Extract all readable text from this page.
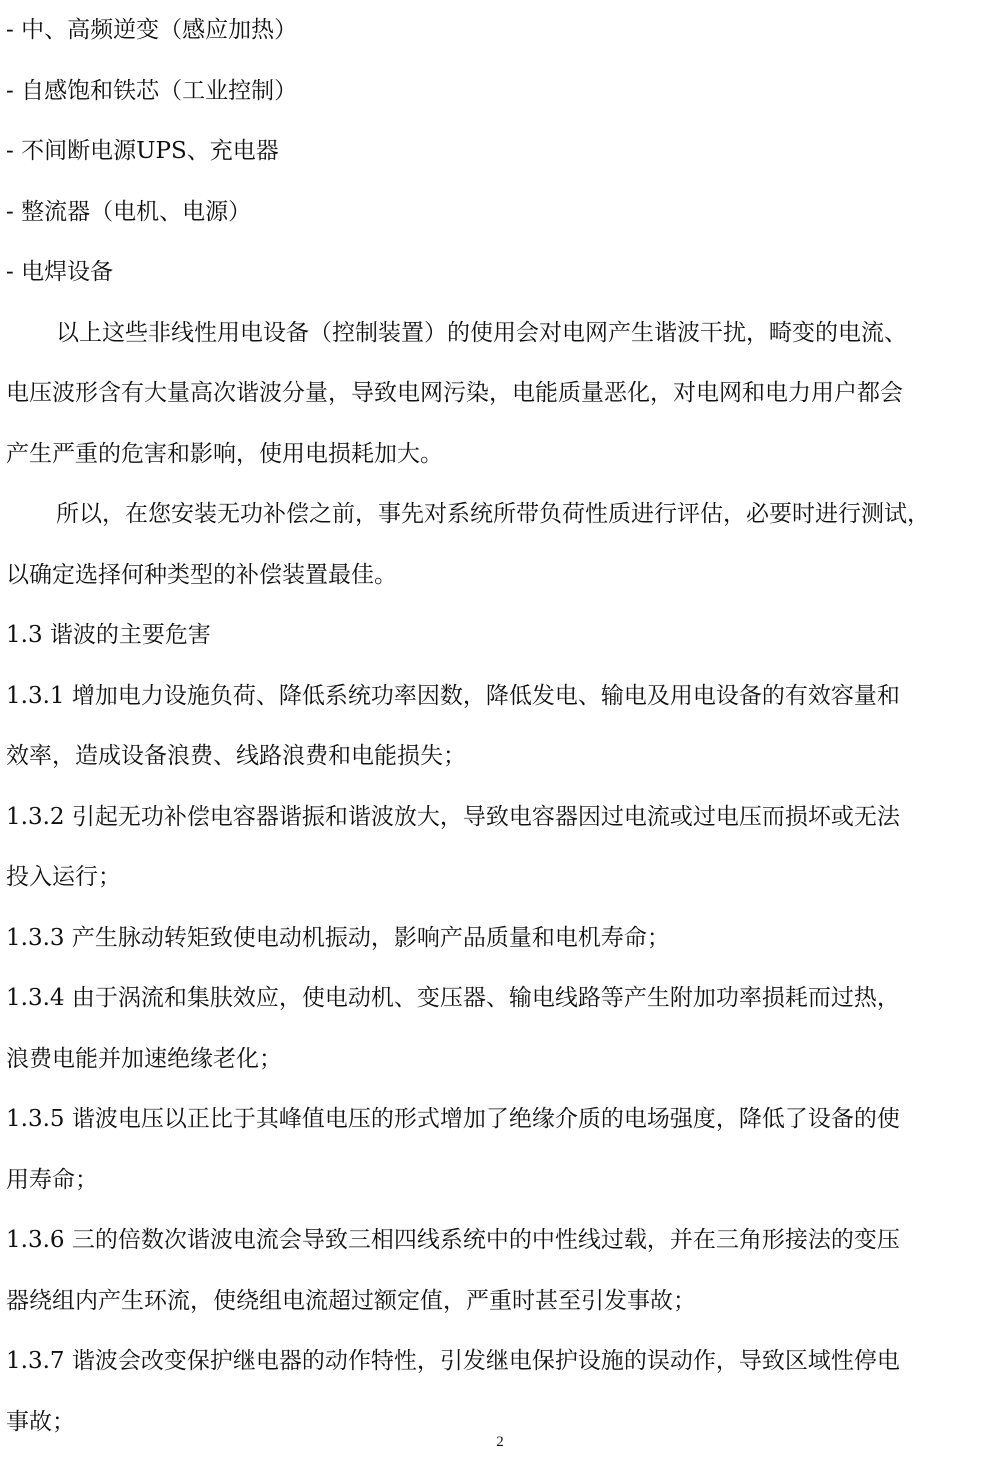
- 中、高频逆变（感应加热）
- 自感饱和铁芯（工业控制）
- 不间断电源UPS、充电器
- 整流器（电机、电源）
- 电焊设备
以上这些非线性用电设备（控制装置）的使用会对电网产生谐波干扰，畸变的电流、
电压波形含有大量高次谐波分量，导致电网污染，电能质量恶化，对电网和电力用户都会
产生严重的危害和影响，使用电损耗加大。
所以，在您安装无功补偿之前，事先对系统所带负荷性质进行评估，必要时进行测试，
以确定选择何种类型的补偿装置最佳。
1.3 谐波的主要危害
1.3.1 增加电力设施负荷、降低系统功率因数，降低发电、输电及用电设备的有效容量和
效率，造成设备浪费、线路浪费和电能损失；
1.3.2 引起无功补偿电容器谐振和谐波放大，导致电容器因过电流或过电压而损坏或无法
投入运行；
1.3.3 产生脉动转矩致使电动机振动，影响产品质量和电机寿命；
1.3.4 由于涡流和集肤效应，使电动机、变压器、输电线路等产生附加功率损耗而过热，
浪费电能并加速绝缘老化；
1.3.5 谐波电压以正比于其峰值电压的形式增加了绝缘介质的电场强度，降低了设备的使
用寿命；
1.3.6 三的倍数次谐波电流会导致三相四线系统中的中性线过载，并在三角形接法的变压
器绕组内产生环流，使绕组电流超过额定值，严重时甚至引发事故；
1.3.7 谐波会改变保护继电器的动作特性，引发继电保护设施的误动作，导致区域性停电
事故；
2
